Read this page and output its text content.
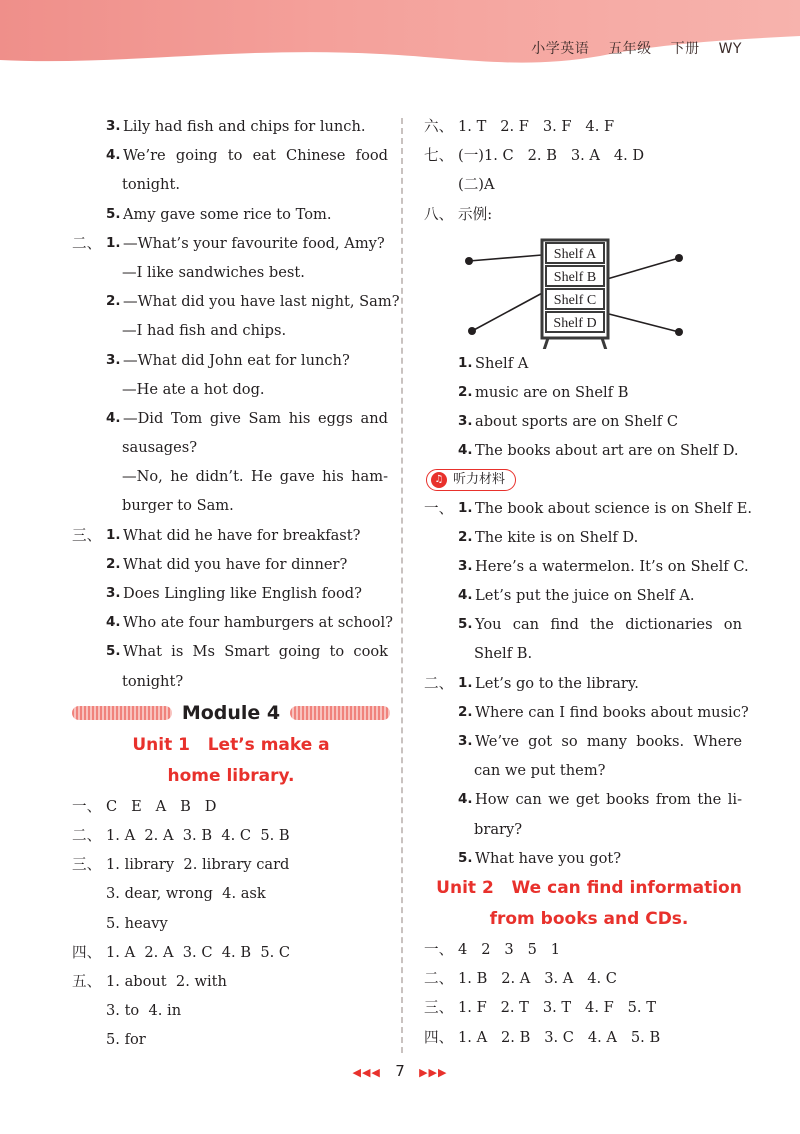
小学英语 五年级 下册 WY
3. Lily had fish and chips for lunch.
4. We’re going to eat Chinese food
tonight.
5. Amy gave some rice to Tom.
二、 1. —What’s your favourite food, Amy?
—I like sandwiches best.
2. —What did you have last night, Sam?
—I had fish and chips.
3. —What did John eat for lunch?
—He ate a hot dog.
4. —Did Tom give Sam his eggs and
sausages?
—No, he didn’t. He gave his ham-
burger to Sam.
三、 1. What did he have for breakfast?
2. What did you have for dinner?
3. Does Lingling like English food?
4. Who ate four hamburgers at school?
5. What is Ms Smart going to cook
tonight?
Module 4
Unit 1   Let’s make a
home library.
一、 C   E   A   B   D
二、 1. A  2. A  3. B  4. C  5. B
三、 1. library  2. library card
3. dear, wrong  4. ask
5. heavy
四、 1. A  2. A  3. C  4. B  5. C
五、 1. about  2. with
3. to  4. in
5. for
六、 1. T   2. F   3. F   4. F
七、 (一)1. C   2. B   3. A   4. D
(二)A
八、 示例:
Shelf A
Shelf B
Shelf C
Shelf D
1. Shelf A
2. music are on Shelf B
3. about sports are on Shelf C
4. The books about art are on Shelf D.
♫ 听力材料
一、 1. The book about science is on Shelf E.
2. The kite is on Shelf D.
3. Here’s a watermelon. It’s on Shelf C.
4. Let’s put the juice on Shelf A.
5. You can find the dictionaries on
Shelf B.
二、 1. Let’s go to the library.
2. Where can I find books about music?
3. We’ve got so many books. Where
can we put them?
4. How can we get books from the li-
brary?
5. What have you got?
Unit 2   We can find information
from books and CDs.
一、 4   2   3   5   1
二、 1. B   2. A   3. A   4. C
三、 1. F   2. T   3. T   4. F   5. T
四、 1. A   2. B   3. C   4. A   5. B
◀◀◀ 7 ▶▶▶
